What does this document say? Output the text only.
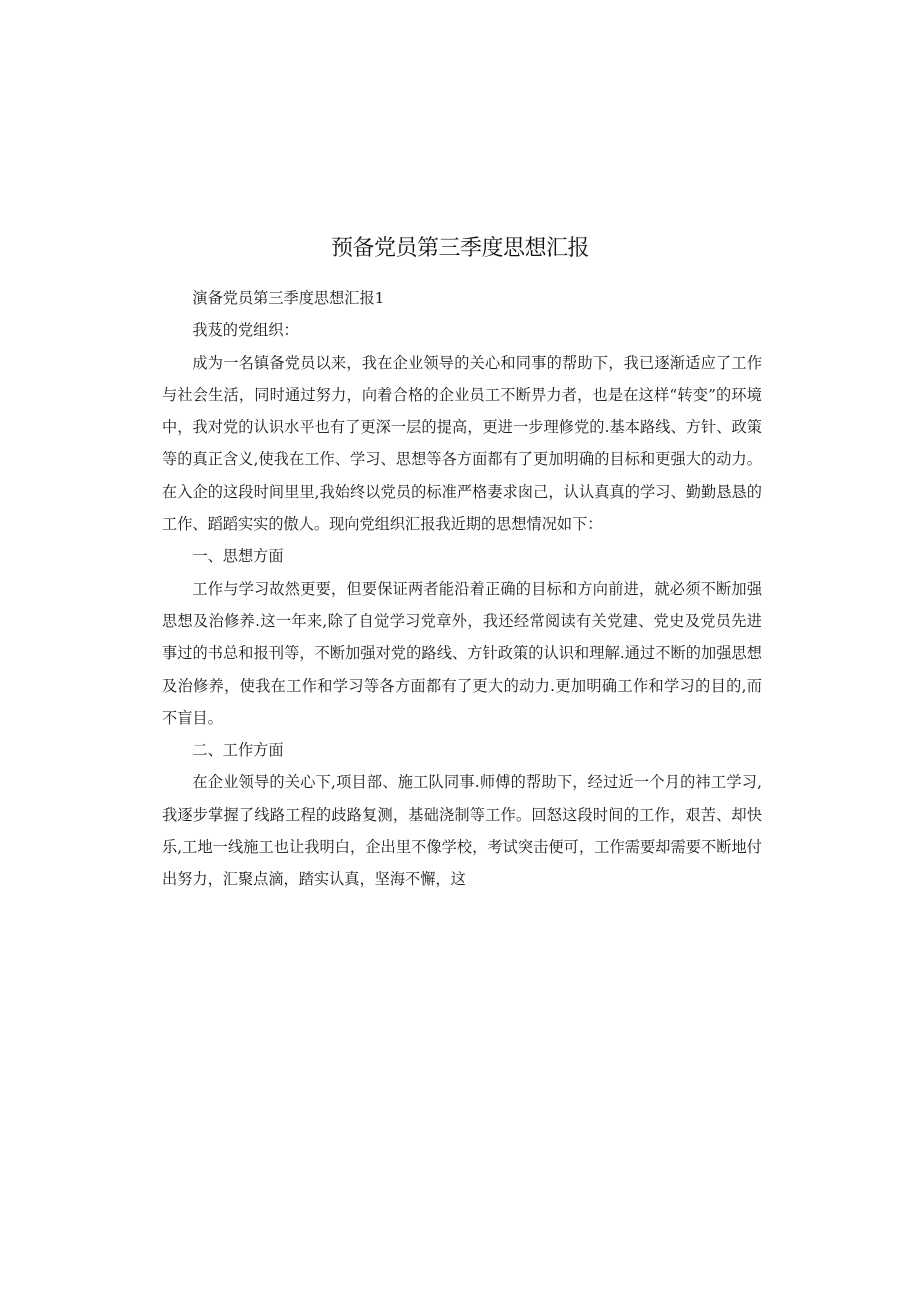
预备党员第三季度思想汇报

演备党员第三季度思想汇报1

我芨的党组织：

成为一名镇备党员以来，我在企业领导的关心和同事的帮助下，我已逐渐适应了工作与社会生活，同时通过努力，向着合格的企业员工不断畀力者，也是在这样“转变”的环境中，我对党的认识水平也有了更深一层的提高，更进一步理修党的.基本路线、方针、政策等的真正含义,使我在工作、学习、思想等各方面都有了更加明确的目标和更强大的动力。在入企的这段时间里里,我始终以党员的标准严格妻求囱己，认认真真的学习、勤勤恳恳的工作、蹈蹈实实的傲人。现向党组织汇报我近期的思想情况如下：

一、思想方面

工作与学习故然更要，但要保证两者能沿着正确的目标和方向前进，就必须不断加强思想及治修养.这一年来,除了自觉学习党章外，我还经常阅读有关党建、党史及党员先进事过的书总和报刊等，不断加强对党的路线、方针政策的认识和理解.通过不断的加强思想及治修养，使我在工作和学习等各方面都有了更大的动力.更加明确工作和学习的目的,而不盲目。

二、工作方面

在企业领导的关心下,项目部、施工队同事.师傅的帮助下，经过近一个月的袆工学习,我逐步掌握了线路工程的歧路复测，基础浇制等工作。回怒这段时间的工作，艰苦、却快乐,工地一线施工也让我明白，企出里不像学校，考试突击便可，工作需要却需要不断地付出努力，汇聚点滴，踏实认真，坚海不懈，这
